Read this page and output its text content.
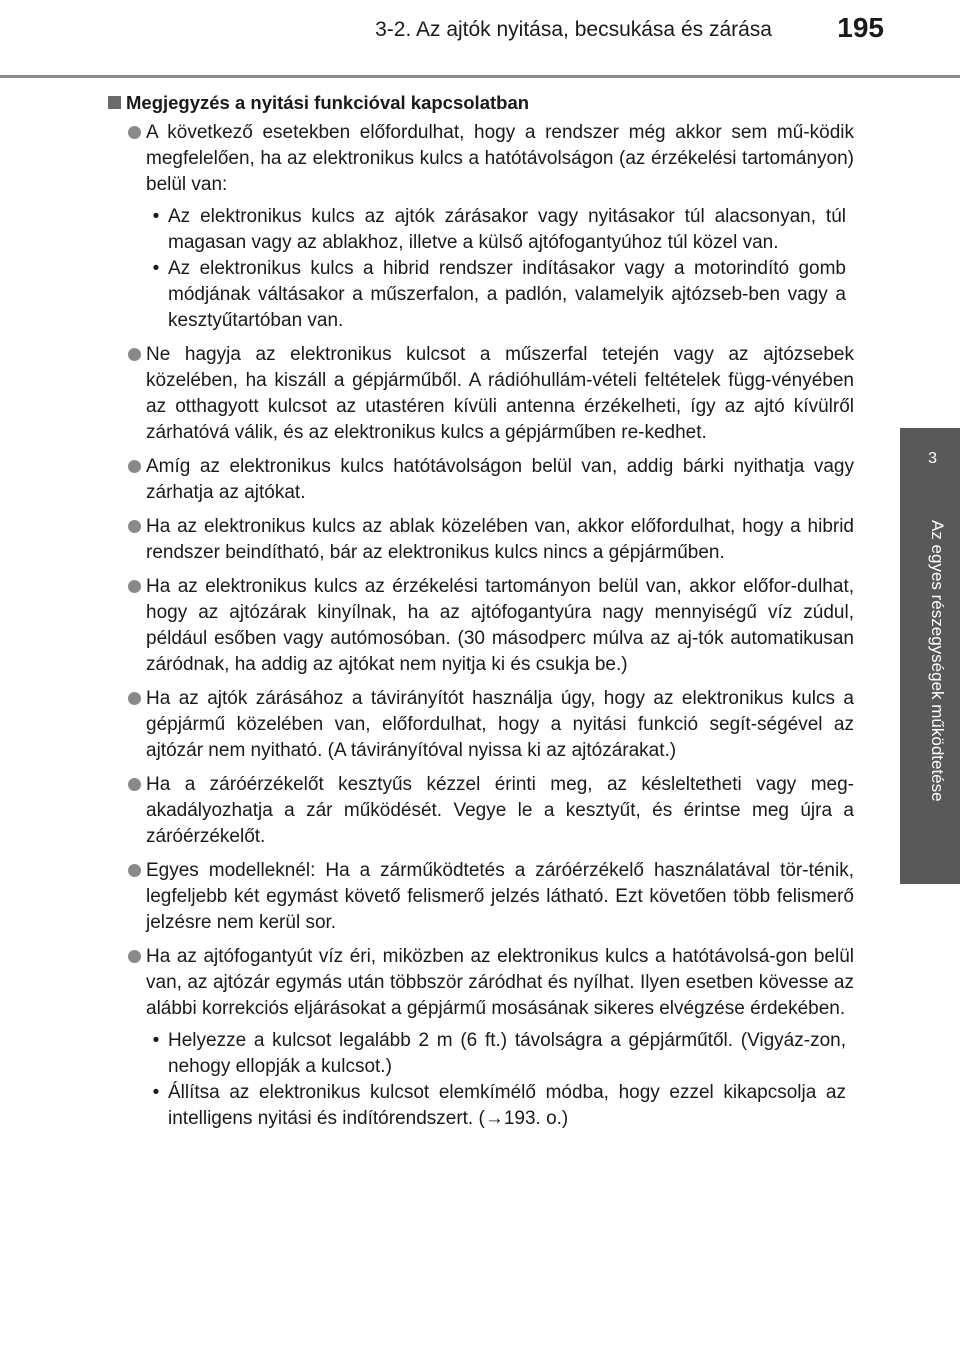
3-2. Az ajtók nyitása, becsukása és zárása 195
3
Az egyes részegységek működtetése
Megjegyzés a nyitási funkcióval kapcsolatban
A következő esetekben előfordulhat, hogy a rendszer még akkor sem mű-ködik megfelelően, ha az elektronikus kulcs a hatótávolságon (az érzékelési tartományon) belül van:
• Az elektronikus kulcs az ajtók zárásakor vagy nyitásakor túl alacsonyan, túl magasan vagy az ablakhoz, illetve a külső ajtófogantyúhoz túl közel van.
• Az elektronikus kulcs a hibrid rendszer indításakor vagy a motorindító gomb módjának váltásakor a műszerfalon, a padlón, valamelyik ajtózseb-ben vagy a kesztyűtartóban van.
Ne hagyja az elektronikus kulcsot a műszerfal tetején vagy az ajtózsebek közelében, ha kiszáll a gépjárműből. A rádióhullám-vételi feltételek függ-vényében az otthagyott kulcsot az utastéren kívüli antenna érzékelheti, így az ajtó kívülről zárhatóvá válik, és az elektronikus kulcs a gépjárműben re-kedhet.
Amíg az elektronikus kulcs hatótávolságon belül van, addig bárki nyithatja vagy zárhatja az ajtókat.
Ha az elektronikus kulcs az ablak közelében van, akkor előfordulhat, hogy a hibrid rendszer beindítható, bár az elektronikus kulcs nincs a gépjárműben.
Ha az elektronikus kulcs az érzékelési tartományon belül van, akkor előfor-dulhat, hogy az ajtózárak kinyílnak, ha az ajtófogantyúra nagy mennyiségű víz zúdul, például esőben vagy autómosóban. (30 másodperc múlva az aj-tók automatikusan záródnak, ha addig az ajtókat nem nyitja ki és csukja be.)
Ha az ajtók zárásához a távirányítót használja úgy, hogy az elektronikus kulcs a gépjármű közelében van, előfordulhat, hogy a nyitási funkció segít-ségével az ajtózár nem nyitható. (A távirányítóval nyissa ki az ajtózárakat.)
Ha a záróérzékelőt kesztyűs kézzel érinti meg, az késleltetheti vagy meg-akadályozhatja a zár működését. Vegye le a kesztyűt, és érintse meg újra a záróérzékelőt.
Egyes modelleknél: Ha a zárműködtetés a záróérzékelő használatával tör-ténik, legfeljebb két egymást követő felismerő jelzés látható. Ezt követően több felismerő jelzésre nem kerül sor.
Ha az ajtófogantyút víz éri, miközben az elektronikus kulcs a hatótávolsá-gon belül van, az ajtózár egymás után többször záródhat és nyílhat. Ilyen esetben kövesse az alábbi korrekciós eljárásokat a gépjármű mosásának sikeres elvégzése érdekében.
• Helyezze a kulcsot legalább 2 m (6 ft.) távolságra a gépjárműtől. (Vigyáz-zon, nehogy ellopják a kulcsot.)
• Állítsa az elektronikus kulcsot elemkímélő módba, hogy ezzel kikapcsolja az intelligens nyitási és indítórendszert. (→193. o.)
